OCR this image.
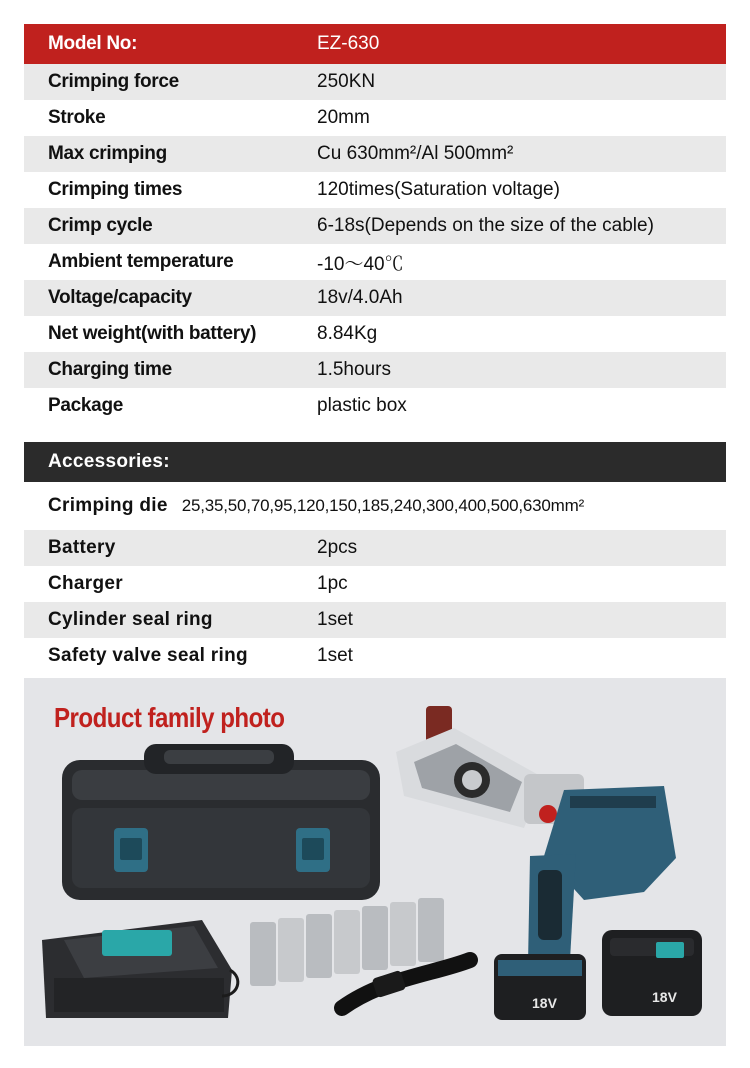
Model No:	EZ-630
Crimping force	250KN
Stroke	20mm
Max crimping	Cu 630mm²/Al 500mm²
Crimping times	120times(Saturation voltage)
Crimp cycle	6-18s(Depends on the size of the cable)
Ambient temperature	-10～40℃
Voltage/capacity	18v/4.0Ah
Net weight(with battery)	8.84Kg
Charging time	1.5hours
Package	plastic box
Accessories:
Crimping die 25,35,50,70,95,120,150,185,240,300,400,500,630mm²
Battery	2pcs
Charger	1pc
Cylinder seal ring	1set
Safety valve seal ring	1set
18V	18V
Product family photo
